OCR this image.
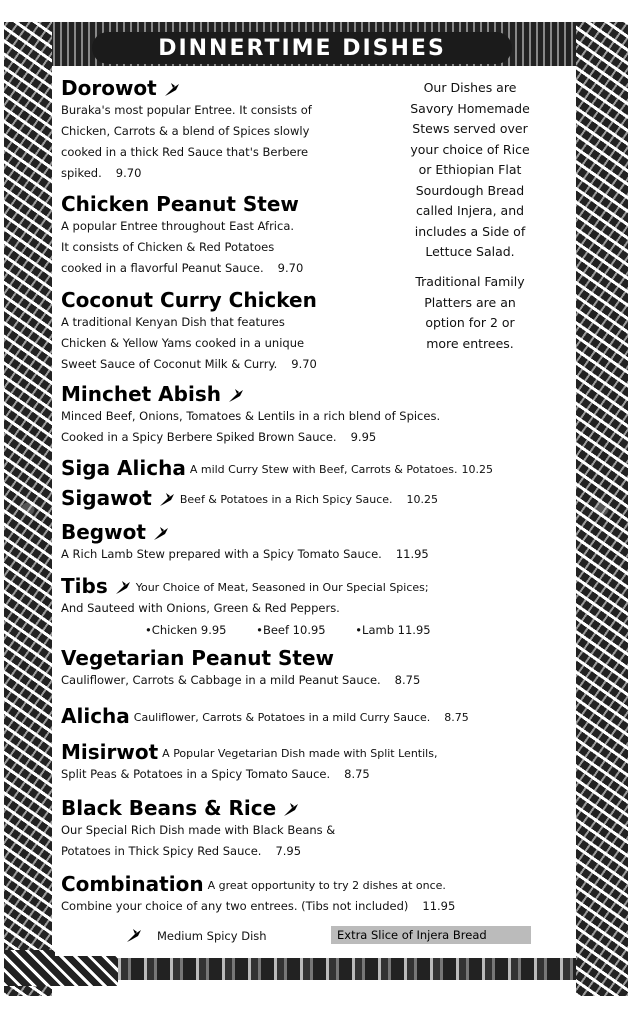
DINNERTIME DISHES
Dorowot
Buraka's most popular Entree. It consists of
Chicken, Carrots & a blend of Spices slowly
cooked in a thick Red Sauce that's Berbere
spiked. 9.70
Chicken Peanut Stew
A popular Entree throughout East Africa.
It consists of Chicken & Red Potatoes
cooked in a flavorful Peanut Sauce. 9.70
Coconut Curry Chicken
A traditional Kenyan Dish that features
Chicken & Yellow Yams cooked in a unique
Sweet Sauce of Coconut Milk & Curry. 9.70
Minchet Abish
Minced Beef, Onions, Tomatoes & Lentils in a rich blend of Spices.
Cooked in a Spicy Berbere Spiked Brown Sauce. 9.95
Siga Alicha A mild Curry Stew with Beef, Carrots & Potatoes. 10.25
Sigawot	Beef & Potatoes in a Rich Spicy Sauce. 10.25
Begwot
A Rich Lamb Stew prepared with a Spicy Tomato Sauce. 11.95
Tibs	Your Choice of Meat, Seasoned in Our Special Spices;
And Sauteed with Onions, Green & Red Peppers.
•Chicken 9.95	•Beef 10.95	•Lamb 11.95
Vegetarian Peanut Stew
Cauliflower, Carrots & Cabbage in a mild Peanut Sauce. 8.75
Alicha Cauliflower, Carrots & Potatoes in a mild Curry Sauce. 8.75
Misirwot A Popular Vegetarian Dish made with Split Lentils,
Split Peas & Potatoes in a Spicy Tomato Sauce. 8.75
Black Beans & Rice
Our Special Rich Dish made with Black Beans &
Potatoes in Thick Spicy Red Sauce. 7.95
Combination A great opportunity to try 2 dishes at once.
Combine your choice of any two entrees. (Tibs not included) 11.95
Our Dishes are
Savory Homemade
Stews served over
your choice of Rice
or Ethiopian Flat
Sourdough Bread
called Injera, and
includes a Side of
Lettuce Salad.
Traditional Family
Platters are an
option for 2 or
more entrees.
Medium Spicy Dish	Extra Slice of Injera Bread
